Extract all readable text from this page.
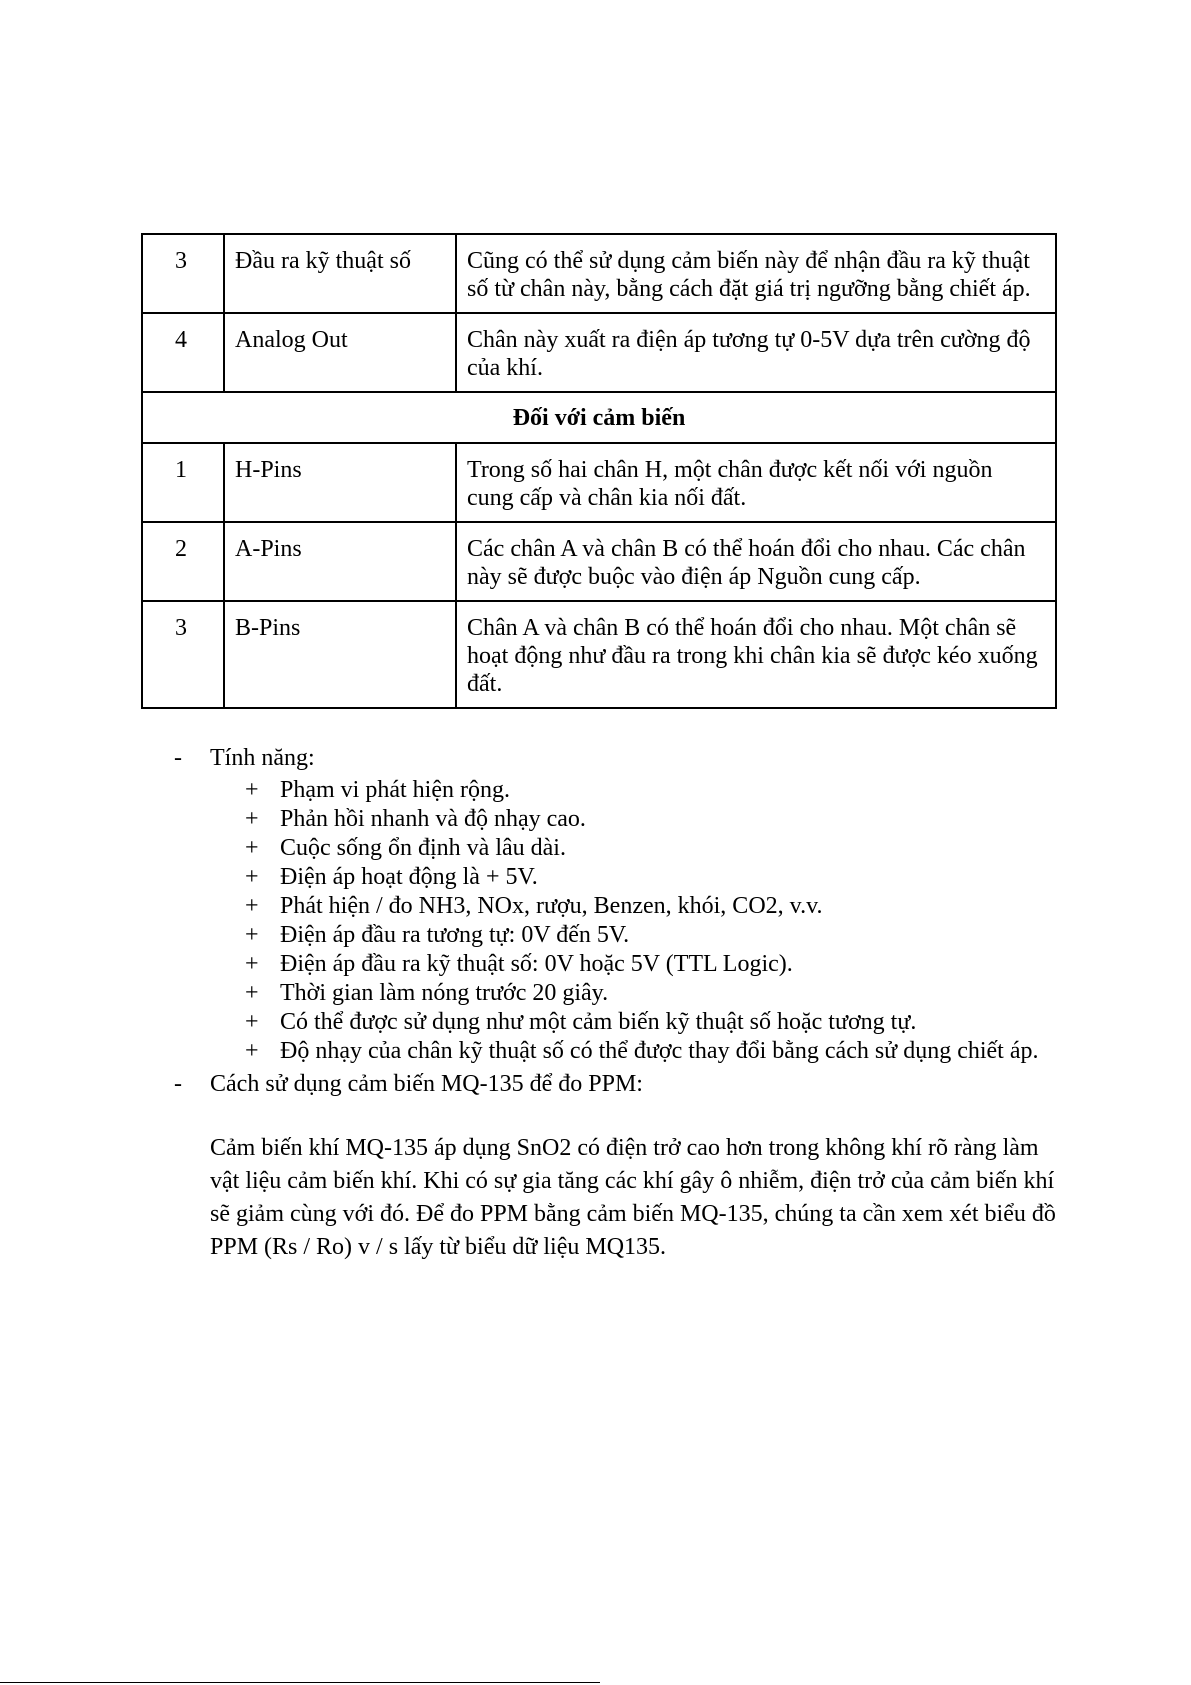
3	Đầu ra kỹ thuật số	Cũng có thể sử dụng cảm biến này để nhận đầu ra kỹ thuật số từ chân này, bằng cách đặt giá trị ngưỡng bằng chiết áp.
4	Analog Out	Chân này xuất ra điện áp tương tự 0-5V dựa trên cường độ của khí.
Đối với cảm biến		
1	H-Pins	Trong số hai chân H, một chân được kết nối với nguồn cung cấp và chân kia nối đất.
2	A-Pins	Các chân A và chân B có thể hoán đổi cho nhau. Các chân này sẽ được buộc vào điện áp Nguồn cung cấp.
3	B-Pins	Chân A và chân B có thể hoán đổi cho nhau. Một chân sẽ hoạt động như đầu ra trong khi chân kia sẽ được kéo xuống đất.
- Tính năng:
+ Phạm vi phát hiện rộng.
+ Phản hồi nhanh và độ nhạy cao.
+ Cuộc sống ổn định và lâu dài.
+ Điện áp hoạt động là + 5V.
+ Phát hiện / đo NH3, NOx, rượu, Benzen, khói, CO2, v.v.
+ Điện áp đầu ra tương tự: 0V đến 5V.
+ Điện áp đầu ra kỹ thuật số: 0V hoặc 5V (TTL Logic).
+ Thời gian làm nóng trước 20 giây.
+ Có thể được sử dụng như một cảm biến kỹ thuật số hoặc tương tự.
+ Độ nhạy của chân kỹ thuật số có thể được thay đổi bằng cách sử dụng chiết áp.
- Cách sử dụng cảm biến MQ-135 để đo PPM:

Cảm biến khí MQ-135 áp dụng SnO2 có điện trở cao hơn trong không khí rõ ràng làm vật liệu cảm biến khí. Khi có sự gia tăng các khí gây ô nhiễm, điện trở của cảm biến khí sẽ giảm cùng với đó. Để đo PPM bằng cảm biến MQ-135, chúng ta cần xem xét biểu đồ PPM (Rs / Ro) v / s lấy từ biểu dữ liệu MQ135.
